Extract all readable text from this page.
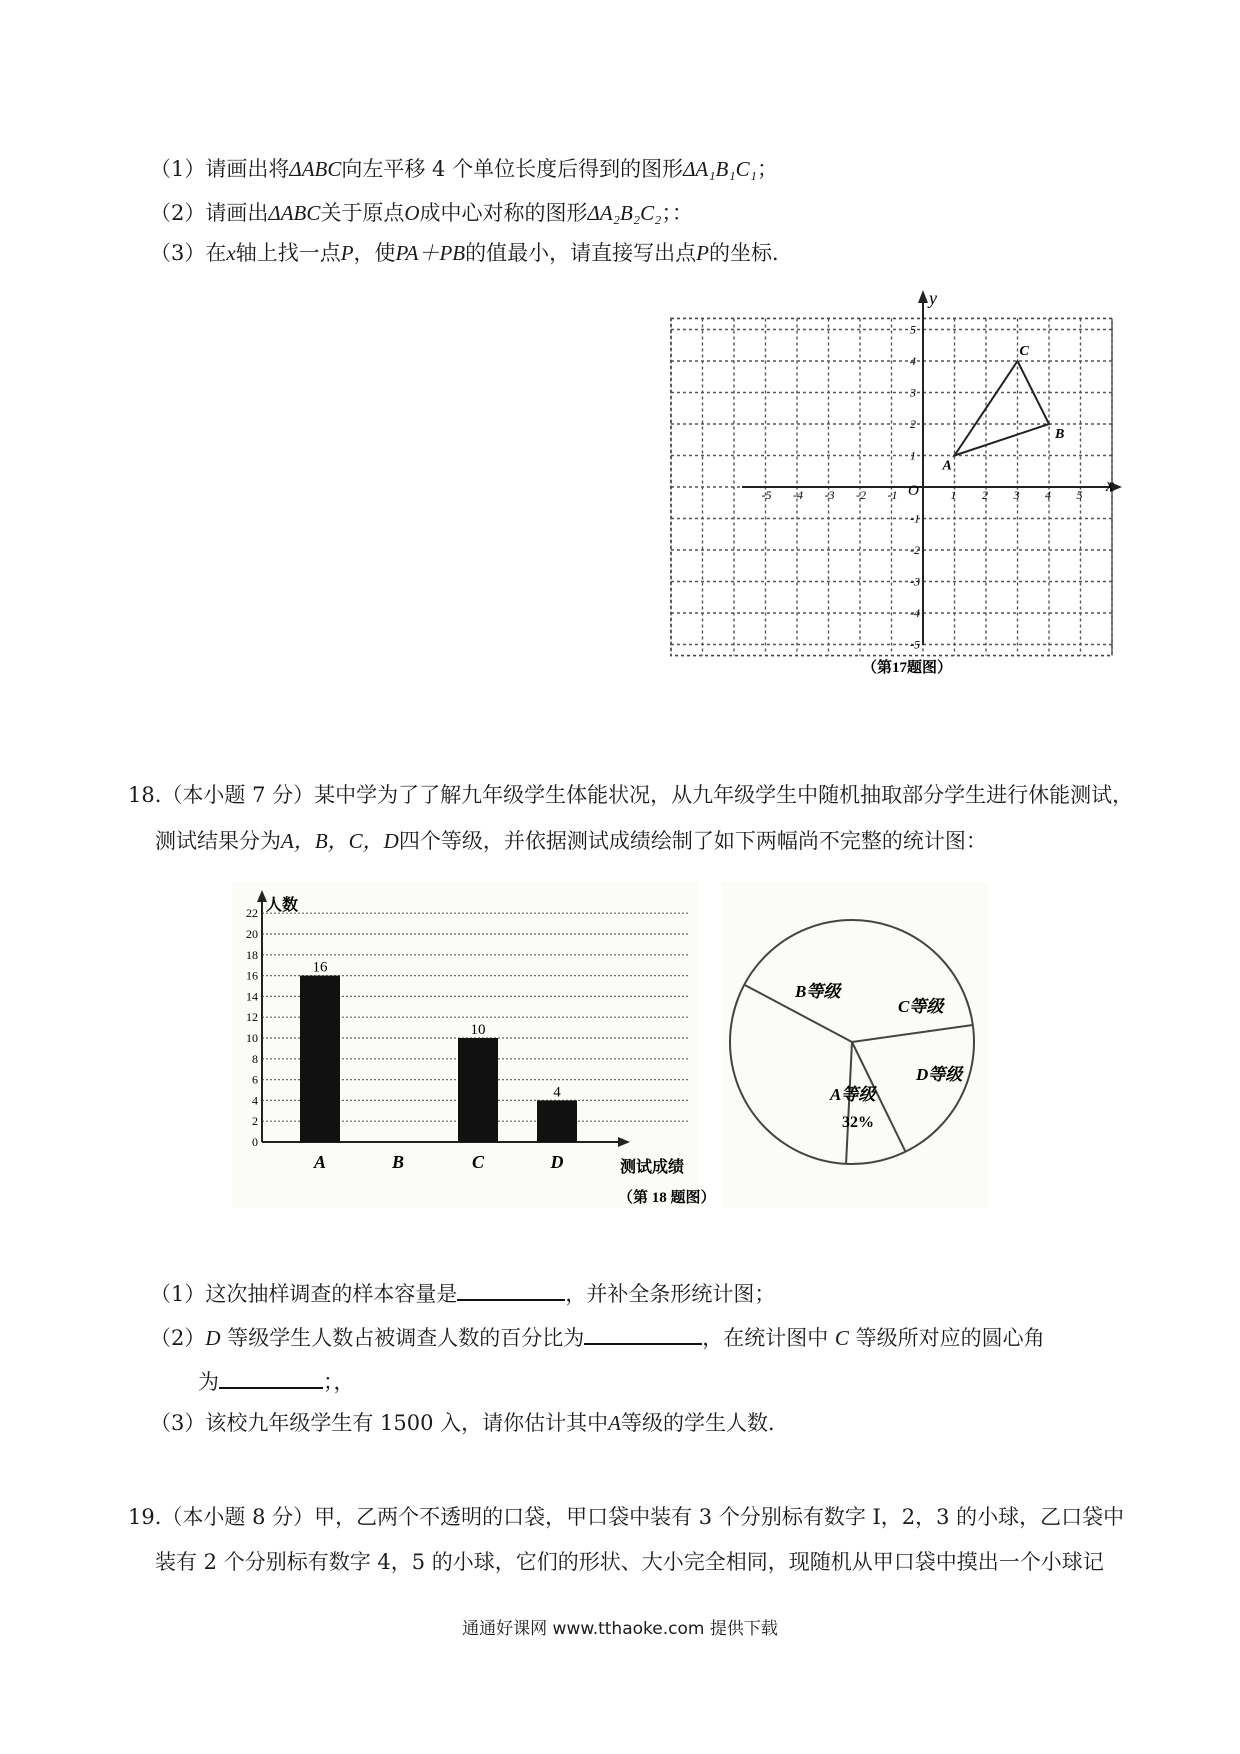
（1）请画出将ΔABC向左平移 4 个单位长度后得到的图形ΔA₁B₁C₁；
（2）请画出ΔABC关于原点O成中心对称的图形ΔA₂B₂C₂；：
（3）在x轴上找一点P，使PA＋PB的值最小，请直接写出点P的坐标．
x
y
O
-5 -4 -3 -2 -1	1 2 3 4 5
5
4
3
2
1
-1
-2
-3
-4
-5
A
B
C
（第17题图）
18.（本小题 7 分）某中学为了了解九年级学生体能状况，从九年级学生中随机抽取部分学生进行休能测试，
测试结果分为A，B，C，D四个等级，并依据测试成绩绘制了如下两幅尚不完整的统计图：
人数
测试成绩
22
20
18
16
14
12
10
8
6
4
2
0
16
A	B
10
C
4
D
（第 18 题图）
B等级
C等级
D等级
A等级
32%
（1）这次抽样调查的样本容量是	，并补全条形统计图；
（2）D 等级学生人数占被调查人数的百分比为	，在统计图中 C 等级所对应的圆心角
为	；，
（3）该校九年级学生有 1500 入，请你估计其中A等级的学生人数．
19.（本小题 8 分）甲，乙两个不透明的口袋，甲口袋中装有 3 个分别标有数字 I，2，3 的小球，乙口袋中
装有 2 个分别标有数字 4，5 的小球，它们的形状、大小完全相同，现随机从甲口袋中摸出一个小球记
通通好课网 www.tthaoke.com 提供下载
